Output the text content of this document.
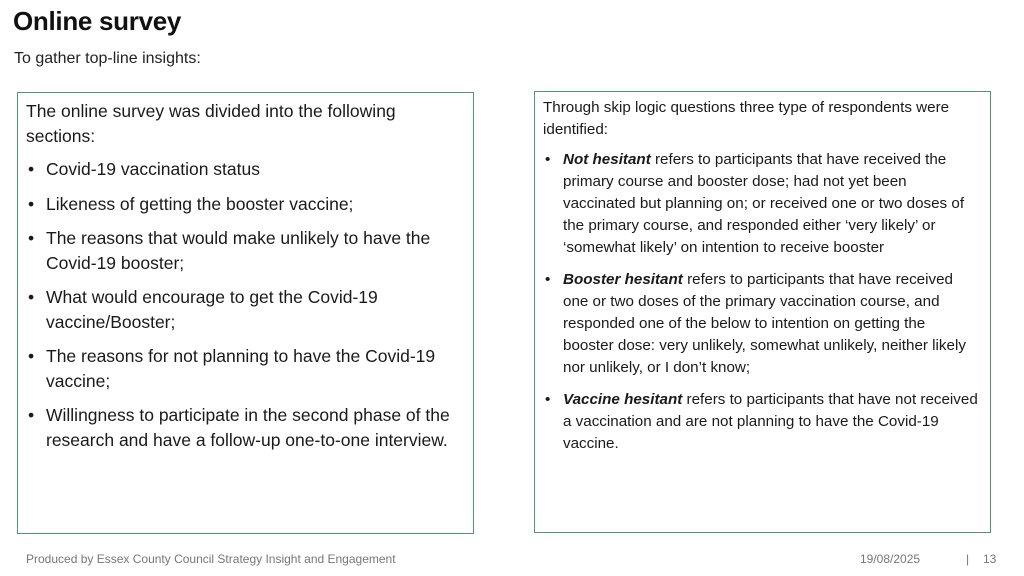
Online survey

To gather top-line insights:

The online survey was divided into the following sections:

• Covid-19 vaccination status
• Likeness of getting the booster vaccine;
• The reasons that would make unlikely to have the Covid-19 booster;
• What would encourage to get the Covid-19 vaccine/Booster;
• The reasons for not planning to have the Covid-19 vaccine;
• Willingness to participate in the second phase of the research and have a follow-up one-to-one interview.

Through skip logic questions three type of respondents were identified:

• Not hesitant refers to participants that have received the primary course and booster dose; had not yet been vaccinated but planning on; or received one or two doses of the primary course, and responded either ‘very likely’ or ‘somewhat likely’ on intention to receive booster
• Booster hesitant refers to participants that have received one or two doses of the primary vaccination course, and responded one of the below to intention on getting the booster dose: very unlikely, somewhat unlikely, neither likely nor unlikely, or I don’t know;
• Vaccine hesitant refers to participants that have not received a vaccination and are not planning to have the Covid-19 vaccine.
Produced by Essex County Council Strategy Insight and Engagement	19/08/2025	| 13
